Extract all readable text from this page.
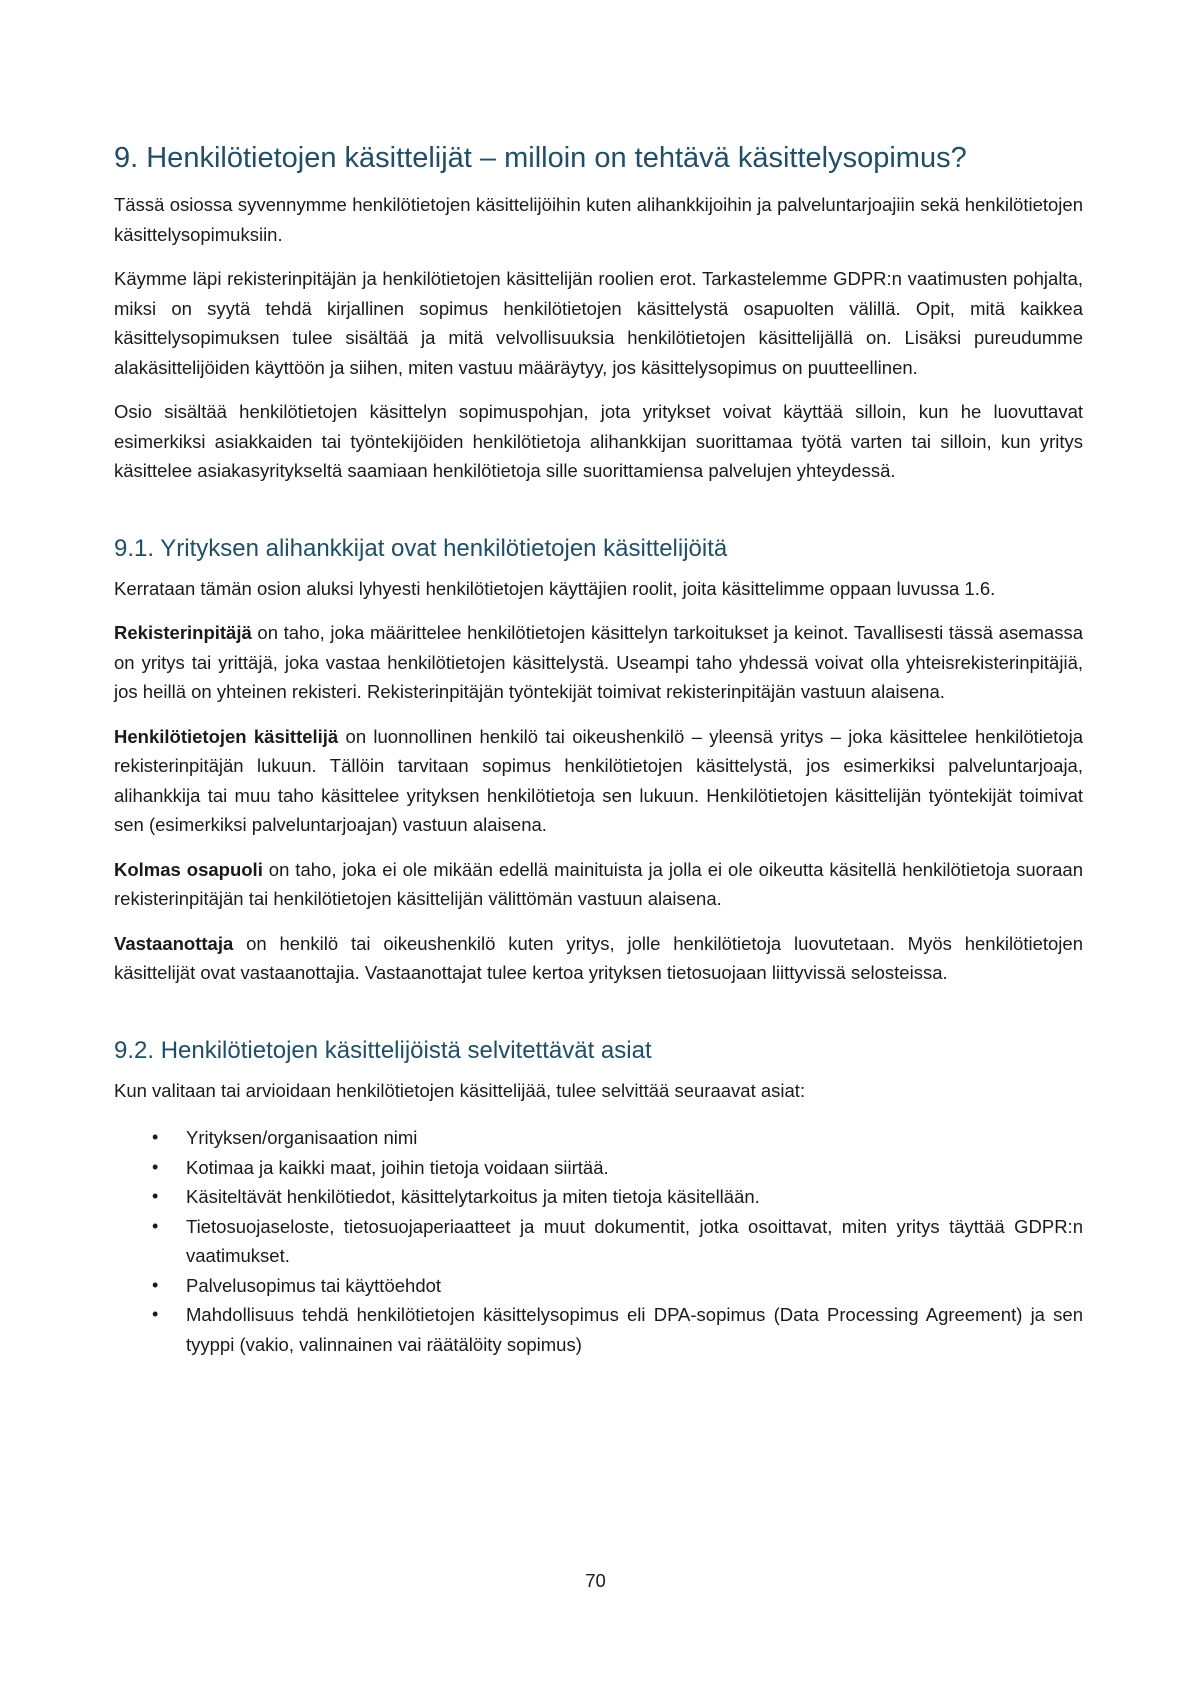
9. Henkilötietojen käsittelijät – milloin on tehtävä käsittelysopimus?

Tässä osiossa syvennymme henkilötietojen käsittelijöihin kuten alihankkijoihin ja palveluntarjoajiin sekä henkilötietojen käsittelysopimuksiin.

Käymme läpi rekisterinpitäjän ja henkilötietojen käsittelijän roolien erot. Tarkastelemme GDPR:n vaatimusten pohjalta, miksi on syytä tehdä kirjallinen sopimus henkilötietojen käsittelystä osapuolten välillä. Opit, mitä kaikkea käsittelysopimuksen tulee sisältää ja mitä velvollisuuksia henkilötietojen käsittelijällä on. Lisäksi pureudumme alakäsittelijöiden käyttöön ja siihen, miten vastuu määräytyy, jos käsittelysopimus on puutteellinen.

Osio sisältää henkilötietojen käsittelyn sopimuspohjan, jota yritykset voivat käyttää silloin, kun he luovuttavat esimerkiksi asiakkaiden tai työntekijöiden henkilötietoja alihankkijan suorittamaa työtä varten tai silloin, kun yritys käsittelee asiakasyritykseltä saamiaan henkilötietoja sille suorittamiensa palvelujen yhteydessä.

9.1. Yrityksen alihankkijat ovat henkilötietojen käsittelijöitä

Kerrataan tämän osion aluksi lyhyesti henkilötietojen käyttäjien roolit, joita käsittelimme oppaan luvussa 1.6.

Rekisterinpitäjä on taho, joka määrittelee henkilötietojen käsittelyn tarkoitukset ja keinot. Tavallisesti tässä asemassa on yritys tai yrittäjä, joka vastaa henkilötietojen käsittelystä. Useampi taho yhdessä voivat olla yhteisrekisterinpitäjiä, jos heillä on yhteinen rekisteri. Rekisterinpitäjän työntekijät toimivat rekisterinpitäjän vastuun alaisena.

Henkilötietojen käsittelijä on luonnollinen henkilö tai oikeushenkilö – yleensä yritys – joka käsittelee henkilötietoja rekisterinpitäjän lukuun. Tällöin tarvitaan sopimus henkilötietojen käsittelystä, jos esimerkiksi palveluntarjoaja, alihankkija tai muu taho käsittelee yrityksen henkilötietoja sen lukuun. Henkilötietojen käsittelijän työntekijät toimivat sen (esimerkiksi palveluntarjoajan) vastuun alaisena.

Kolmas osapuoli on taho, joka ei ole mikään edellä mainituista ja jolla ei ole oikeutta käsitellä henkilötietoja suoraan rekisterinpitäjän tai henkilötietojen käsittelijän välittömän vastuun alaisena.

Vastaanottaja on henkilö tai oikeushenkilö kuten yritys, jolle henkilötietoja luovutetaan. Myös henkilötietojen käsittelijät ovat vastaanottajia. Vastaanottajat tulee kertoa yrityksen tietosuojaan liittyvissä selosteissa.

9.2. Henkilötietojen käsittelijöistä selvitettävät asiat

Kun valitaan tai arvioidaan henkilötietojen käsittelijää, tulee selvittää seuraavat asiat:

• Yrityksen/organisaation nimi
• Kotimaa ja kaikki maat, joihin tietoja voidaan siirtää.
• Käsiteltävät henkilötiedot, käsittelytarkoitus ja miten tietoja käsitellään.
• Tietosuojaseloste, tietosuojaperiaatteet ja muut dokumentit, jotka osoittavat, miten yritys täyttää GDPR:n vaatimukset.
• Palvelusopimus tai käyttöehdot
• Mahdollisuus tehdä henkilötietojen käsittelysopimus eli DPA-sopimus (Data Processing Agreement) ja sen tyyppi (vakio, valinnainen vai räätälöity sopimus)
70
